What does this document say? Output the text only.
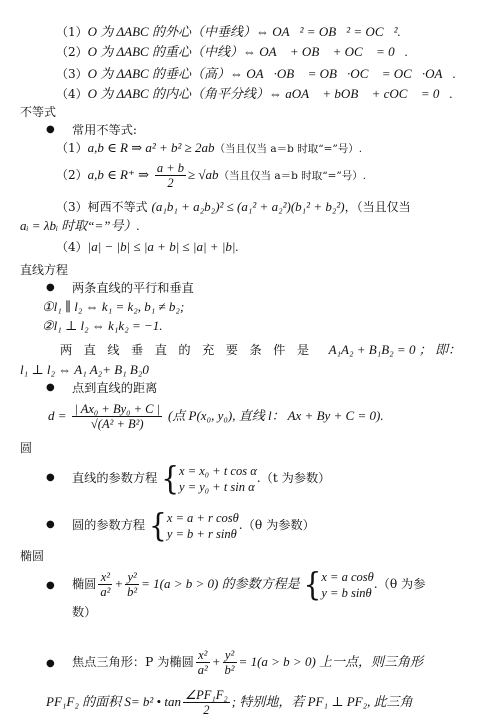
（1）O 为 ΔABC 的外心（中垂线）⇔ OA⃗² = OB⃗² = OC⃗².
（2）O 为 ΔABC 的重心（中线）⇔ OA⃗ + OB⃗ + OC⃗ = 0⃗.
（3）O 为 ΔABC 的垂心（高）⇔ OA⃗·OB⃗ = OB⃗·OC⃗ = OC⃗·OA⃗.
（4）O 为 ΔABC 的内心（角平分线）⇔ aOA⃗ + bOB⃗ + cOC⃗ = 0⃗.
不等式
● 常用不等式:
（1）a,b ∈ R ⇒ a² + b² ≥ 2ab（当且仅当 a＝b 时取“=”号）.
（2）a,b ∈ R⁺ ⇒ $\frac{a + b}{2} \ge √ab$（当且仅当 a＝b 时取“=”号）.
（3）柯西不等式 (a₁b₁ + a₂b₂)² ≤ (a₁² + a₂²)(b₁² + b₂²)，（当且仅当
aᵢ = λbᵢ 时取“=”号）.
（4）|a| − |b| ≤ |a + b| ≤ |a| + |b|.
直线方程
● 两条直线的平行和垂直
①l₁ ∥ l₂ ⇔ k₁ = k₂, b₁ ≠ b₂;
②l₁ ⊥ l₂ ⇔ k₁k₂ = −1.
两直线垂直的充要条件是 A₁A₂ + B₁B₂ = 0 ； 即：
l₁ ⊥ l₂ ⇔ A₁ A₂+ B₁ B₂0
● 点到直线的距离
$d = \frac{\text{| Ax₀ + By₀ + C |}}{\text{√(A² + B²)}}$ (点 P(x₀, y₀), 直线 l： Ax + By + C = 0).
圆
● 直线的参数方程 { x = x₀ + t cos α
y = y₀ + t sin α
.（t 为参数）
● 圆的参数方程 { x = a + r cosθ
y = b + r sinθ
.（θ 为参数）
椭圆
● 椭圆 $\frac{\text{x²}}{\text{a²}} + \frac{\text{y²}}{\text{b²}} = 1(a > b > 0)$ 的参数方程是 { x = a cosθ
y = b sinθ
.（θ 为参
数）
● 焦点三角形：P 为椭圆 $\frac{\text{x²}}{\text{a²}} + \frac{\text{y²}}{\text{b²}} = 1(a > b > 0)$ 上一点，则三角形
PF₁F₂ 的面积 S= b² • $\tan \frac{\text{∠PF₁F₂}}{2}$ ; 特别地，若 PF₁ ⊥ PF₂, 此三角
